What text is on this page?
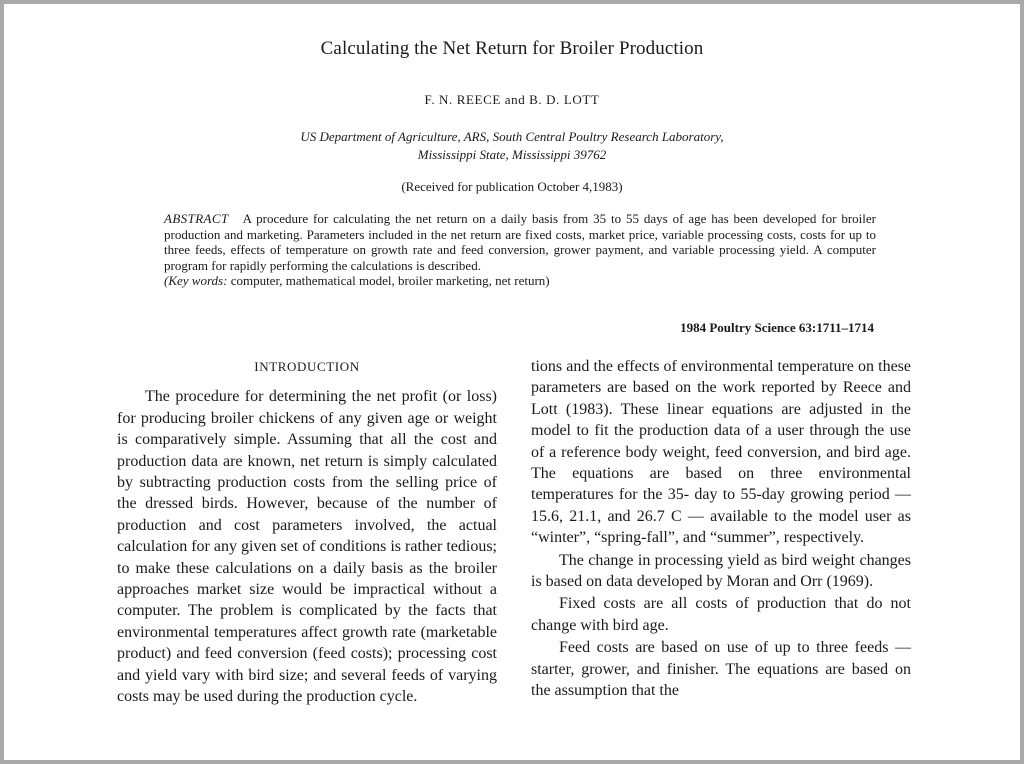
Calculating the Net Return for Broiler Production
F. N. REECE and B. D. LOTT
US Department of Agriculture, ARS, South Central Poultry Research Laboratory,
Mississippi State, Mississippi 39762
(Received for publication October 4,1983)
ABSTRACT A procedure for calculating the net return on a daily basis from 35 to 55 days of age has been developed for broiler production and marketing. Parameters included in the net return are fixed costs, market price, variable processing costs, costs for up to three feeds, effects of temperature on growth rate and feed conversion, grower payment, and variable processing yield. A computer program for rapidly performing the calculations is described.
(Key words: computer, mathematical model, broiler marketing, net return)
1984 Poultry Science 63:1711–1714
INTRODUCTION

The procedure for determining the net profit (or loss) for producing broiler chickens of any given age or weight is comparatively simple. Assuming that all the cost and production data are known, net return is simply calculated by subtracting production costs from the selling price of the dressed birds. However, because of the number of production and cost parameters involved, the actual calculation for any given set of conditions is rather tedious; to make these calculations on a daily basis as the broiler approaches market size would be impractical without a computer. The problem is complicated by the facts that environmental temperatures affect growth rate (marketable product) and feed conversion (feed costs); processing cost and yield vary with bird size; and several feeds of varying costs may be used during the production cycle.

tions and the effects of environmental temperature on these parameters are based on the work reported by Reece and Lott (1983). These linear equations are adjusted in the model to fit the production data of a user through the use of a reference body weight, feed conversion, and bird age. The equations are based on three environmental temperatures for the 35- day to 55-day growing period — 15.6, 21.1, and 26.7 C — available to the model user as “winter”, “spring-fall”, and “summer”, respectively.

The change in processing yield as bird weight changes is based on data developed by Moran and Orr (1969).

Fixed costs are all costs of production that do not change with bird age.

Feed costs are based on use of up to three feeds — starter, grower, and finisher. The equations are based on the assumption that the
